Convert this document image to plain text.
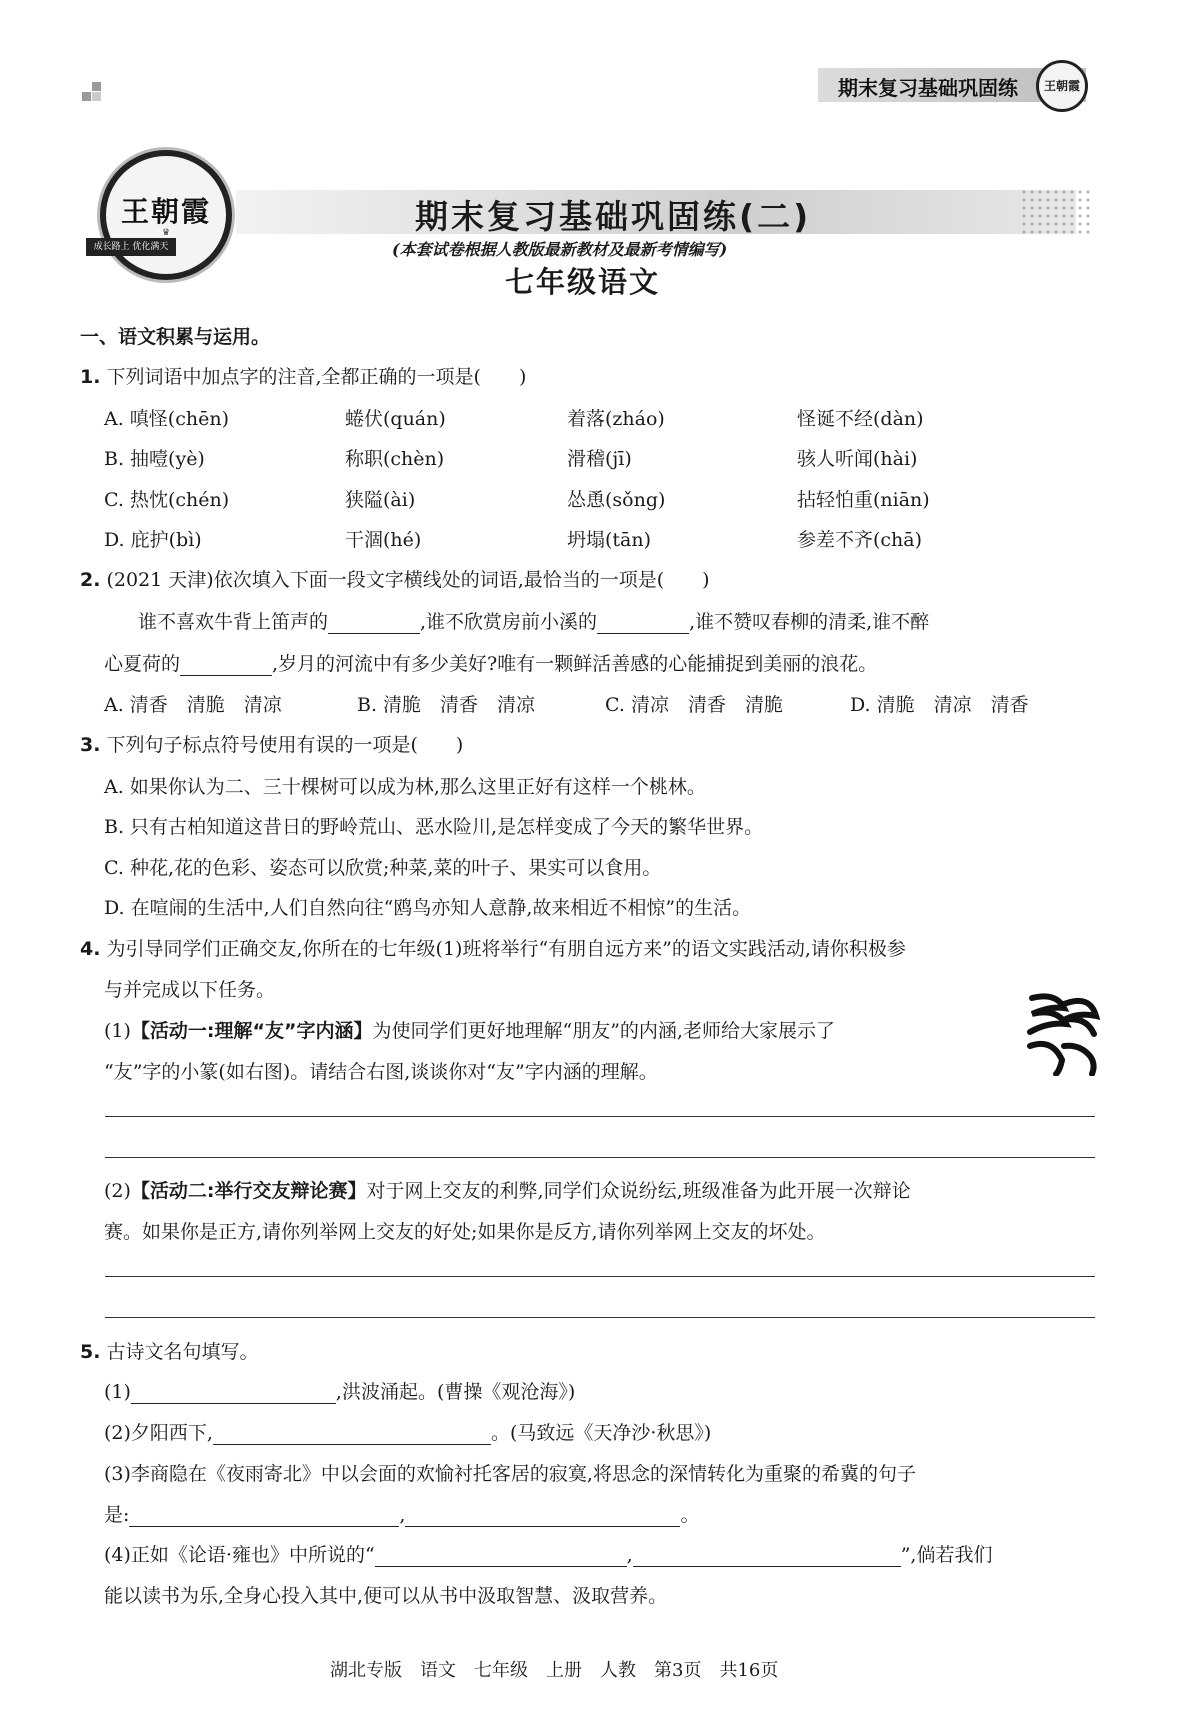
期末复习基础巩固练	王朝霞
王朝霞
♛
成长路上 优化满天
期末复习基础巩固练(二)
(本套试卷根据人教版最新教材及最新考情编写)
七年级语文
一、语文积累与运用。
1. 下列词语中加点字的注音,全都正确的一项是(　　)
A. 嗔怪(chēn)	蜷伏(quán)	着落(zháo)	怪诞不经(dàn)
B. 抽噎(yè)	称职(chèn)	滑稽(jī)	骇人听闻(hài)
C. 热忱(chén)	狭隘(ài)	怂恿(sǒng)	拈轻怕重(niān)
D. 庇护(bì)	干涸(hé)	坍塌(tān)	参差不齐(chā)
2. (2021 天津)依次填入下面一段文字横线处的词语,最恰当的一项是(　　)
谁不喜欢牛背上笛声的	,谁不欣赏房前小溪的	,谁不赞叹春柳的清柔,谁不醉
心夏荷的	,岁月的河流中有多少美好?唯有一颗鲜活善感的心能捕捉到美丽的浪花。
A. 清香　清脆　清凉	B. 清脆　清香　清凉	C. 清凉　清香　清脆	D. 清脆　清凉　清香
3. 下列句子标点符号使用有误的一项是(　　)
A. 如果你认为二、三十棵树可以成为林,那么这里正好有这样一个桃林。
B. 只有古柏知道这昔日的野岭荒山、恶水险川,是怎样变成了今天的繁华世界。
C. 种花,花的色彩、姿态可以欣赏;种菜,菜的叶子、果实可以食用。
D. 在喧闹的生活中,人们自然向往“鸥鸟亦知人意静,故来相近不相惊”的生活。
4. 为引导同学们正确交友,你所在的七年级(1)班将举行“有朋自远方来”的语文实践活动,请你积极参
与并完成以下任务。
(1)【活动一:理解“友”字内涵】为使同学们更好地理解“朋友”的内涵,老师给大家展示了
“友”字的小篆(如右图)。请结合右图,谈谈你对“友”字内涵的理解。
(2)【活动二:举行交友辩论赛】对于网上交友的利弊,同学们众说纷纭,班级准备为此开展一次辩论
赛。如果你是正方,请你列举网上交友的好处;如果你是反方,请你列举网上交友的坏处。
5. 古诗文名句填写。
(1)	,洪波涌起。(曹操《观沧海》)
(2)夕阳西下,	。(马致远《天净沙·秋思》)
(3)李商隐在《夜雨寄北》中以会面的欢愉衬托客居的寂寞,将思念的深情转化为重聚的希冀的句子
是:	,	。
(4)正如《论语·雍也》中所说的“	,	”,倘若我们
能以读书为乐,全身心投入其中,便可以从书中汲取智慧、汲取营养。
湖北专版　语文　七年级　上册　人教　第3页　共16页
